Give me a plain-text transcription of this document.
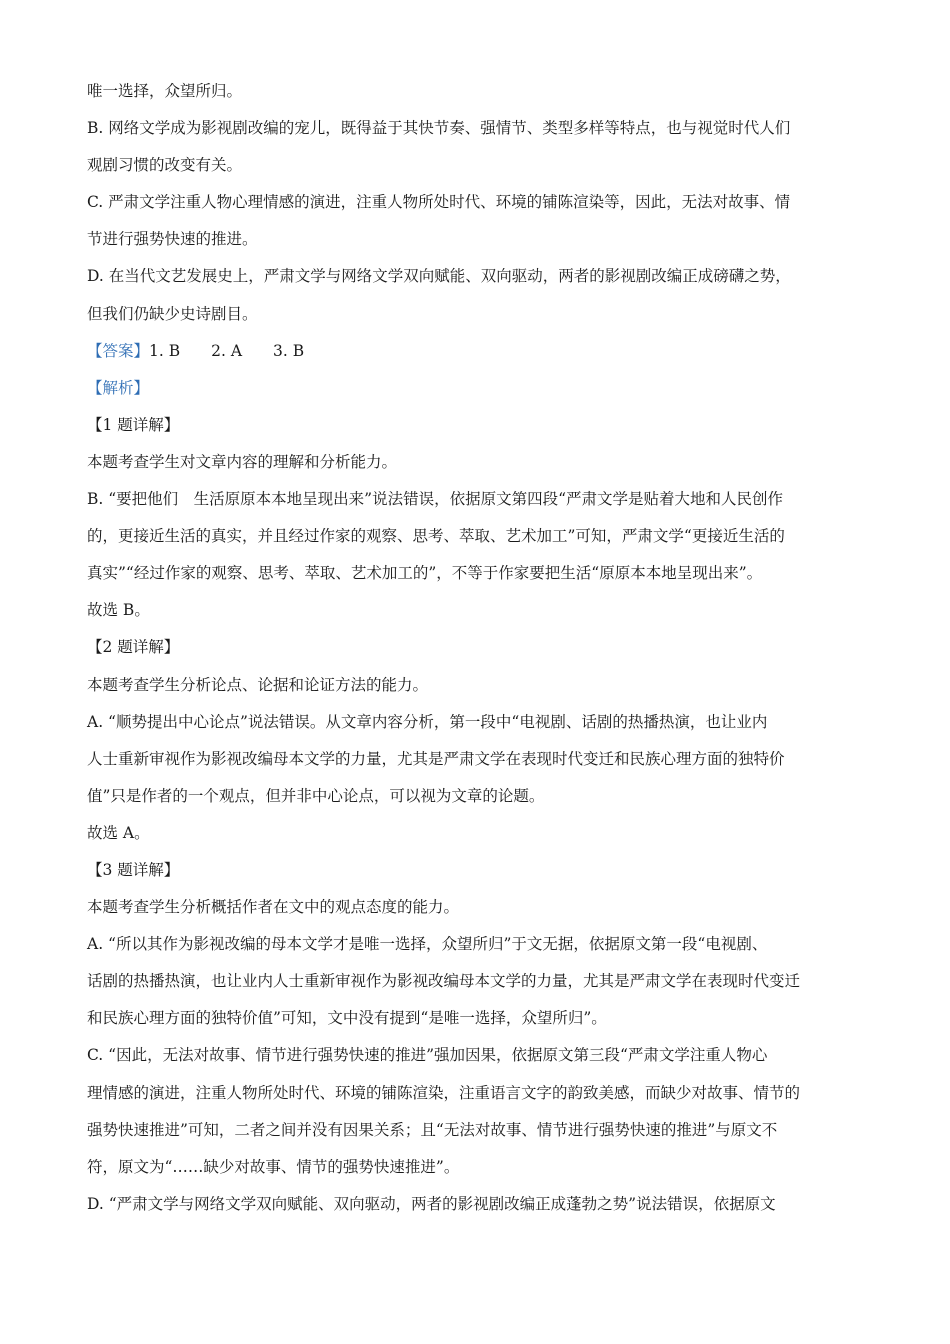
唯一选择，众望所归。
B. 网络文学成为影视剧改编的宠儿，既得益于其快节奏、强情节、类型多样等特点，也与视觉时代人们
观剧习惯的改变有关。
C. 严肃文学注重人物心理情感的演进，注重人物所处时代、环境的铺陈渲染等，因此，无法对故事、情
节进行强势快速的推进。
D. 在当代文艺发展史上，严肃文学与网络文学双向赋能、双向驱动，两者的影视剧改编正成磅礴之势，
但我们仍缺少史诗剧目。
【答案】1. B　　2. A　　3. B
【解析】
【1 题详解】
本题考查学生对文章内容的理解和分析能力。
B. “要把他们　生活原原本本地呈现出来”说法错误，依据原文第四段“严肃文学是贴着大地和人民创作
的，更接近生活的真实，并且经过作家的观察、思考、萃取、艺术加工”可知，严肃文学“更接近生活的
真实”“经过作家的观察、思考、萃取、艺术加工的”，不等于作家要把生活“原原本本地呈现出来”。
故选 B。
【2 题详解】
本题考查学生分析论点、论据和论证方法的能力。
A. “顺势提出中心论点”说法错误。从文章内容分析，第一段中“电视剧、话剧的热播热演，也让业内
人士重新审视作为影视改编母本文学的力量，尤其是严肃文学在表现时代变迁和民族心理方面的独特价
值”只是作者的一个观点，但并非中心论点，可以视为文章的论题。
故选 A。
【3 题详解】
本题考查学生分析概括作者在文中的观点态度的能力。
A. “所以其作为影视改编的母本文学才是唯一选择，众望所归”于文无据，依据原文第一段“电视剧、
话剧的热播热演，也让业内人士重新审视作为影视改编母本文学的力量，尤其是严肃文学在表现时代变迁
和民族心理方面的独特价值”可知，文中没有提到“是唯一选择，众望所归”。
C. “因此，无法对故事、情节进行强势快速的推进”强加因果，依据原文第三段“严肃文学注重人物心
理情感的演进，注重人物所处时代、环境的铺陈渲染，注重语言文字的韵致美感，而缺少对故事、情节的
强势快速推进”可知，二者之间并没有因果关系；且“无法对故事、情节进行强势快速的推进”与原文不
符，原文为“……缺少对故事、情节的强势快速推进”。
D. “严肃文学与网络文学双向赋能、双向驱动，两者的影视剧改编正成蓬勃之势”说法错误，依据原文
